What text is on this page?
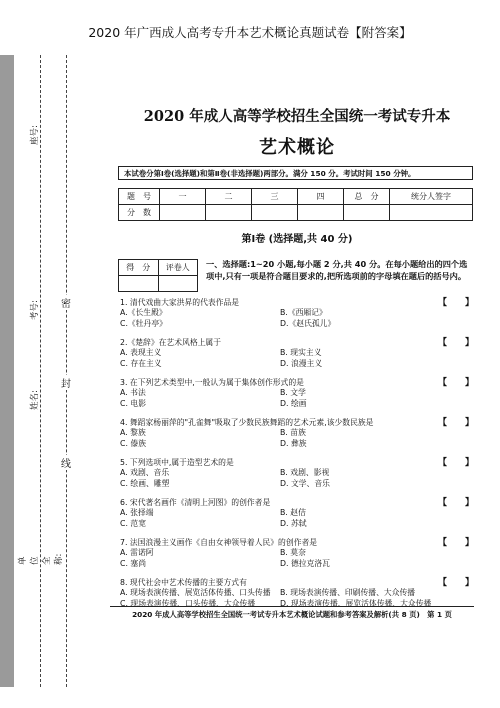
2020 年广西成人高考专升本艺术概论真题试卷【附答案】
密
封
线
单位全称:
姓名:
考号:
座号:
2020 年成人高等学校招生全国统一考试专升本
艺术概论
本试卷分第Ⅰ卷(选择题)和第Ⅱ卷(非选择题)两部分。满分 150 分。考试时间 150 分钟。
题　号	一	二	三	四	总　分	统分人签字
分　数						
第Ⅰ卷 (选择题,共 40 分)
得　分	评卷人
	一、选择题:1~20 小题,每小题 2 分,共 40 分。在每小题给出的四个选项中,只有一项是符合题目要求的,把所选项前的字母填在题后的括号内。
1. 清代戏曲大家洪昇的代表作品是	【　　】
A.《长生殿》	B.《西厢记》
C.《牡丹亭》	D.《赵氏孤儿》
2.《楚辞》在艺术风格上属于	【　　】
A. 表现主义	B. 现实主义
C. 存在主义	D. 浪漫主义
3. 在下列艺术类型中,一般认为属于集体创作形式的是	【　　】
A. 书法	B. 文学
C. 电影	D. 绘画
4. 舞蹈家杨丽萍的"孔雀舞"吸取了少数民族舞蹈的艺术元素,该少数民族是	【　　】
A. 黎族	B. 苗族
C. 傣族	D. 彝族
5. 下列选项中,属于造型艺术的是	【　　】
A. 戏剧、音乐	B. 戏剧、影视
C. 绘画、雕塑	D. 文学、音乐
6. 宋代著名画作《清明上河图》的创作者是	【　　】
A. 张择端	B. 赵佶
C. 范宽	D. 苏轼
7. 法国浪漫主义画作《自由女神领导着人民》的创作者是	【　　】
A. 雷诺阿	B. 莫奈
C. 塞尚	D. 德拉克洛瓦
8. 现代社会中艺术传播的主要方式有	【　　】
A. 现场表演传播、展览活体传播、口头传播 B. 现场表演传播、印刷传播、大众传播
C. 现场表演传播、口头传播、大众传播	D. 现场表演传播、展览活体传播、大众传播
2020 年成人高等学校招生全国统一考试专升本艺术概论试题和参考答案及解析(共 8 页)　第 1 页
